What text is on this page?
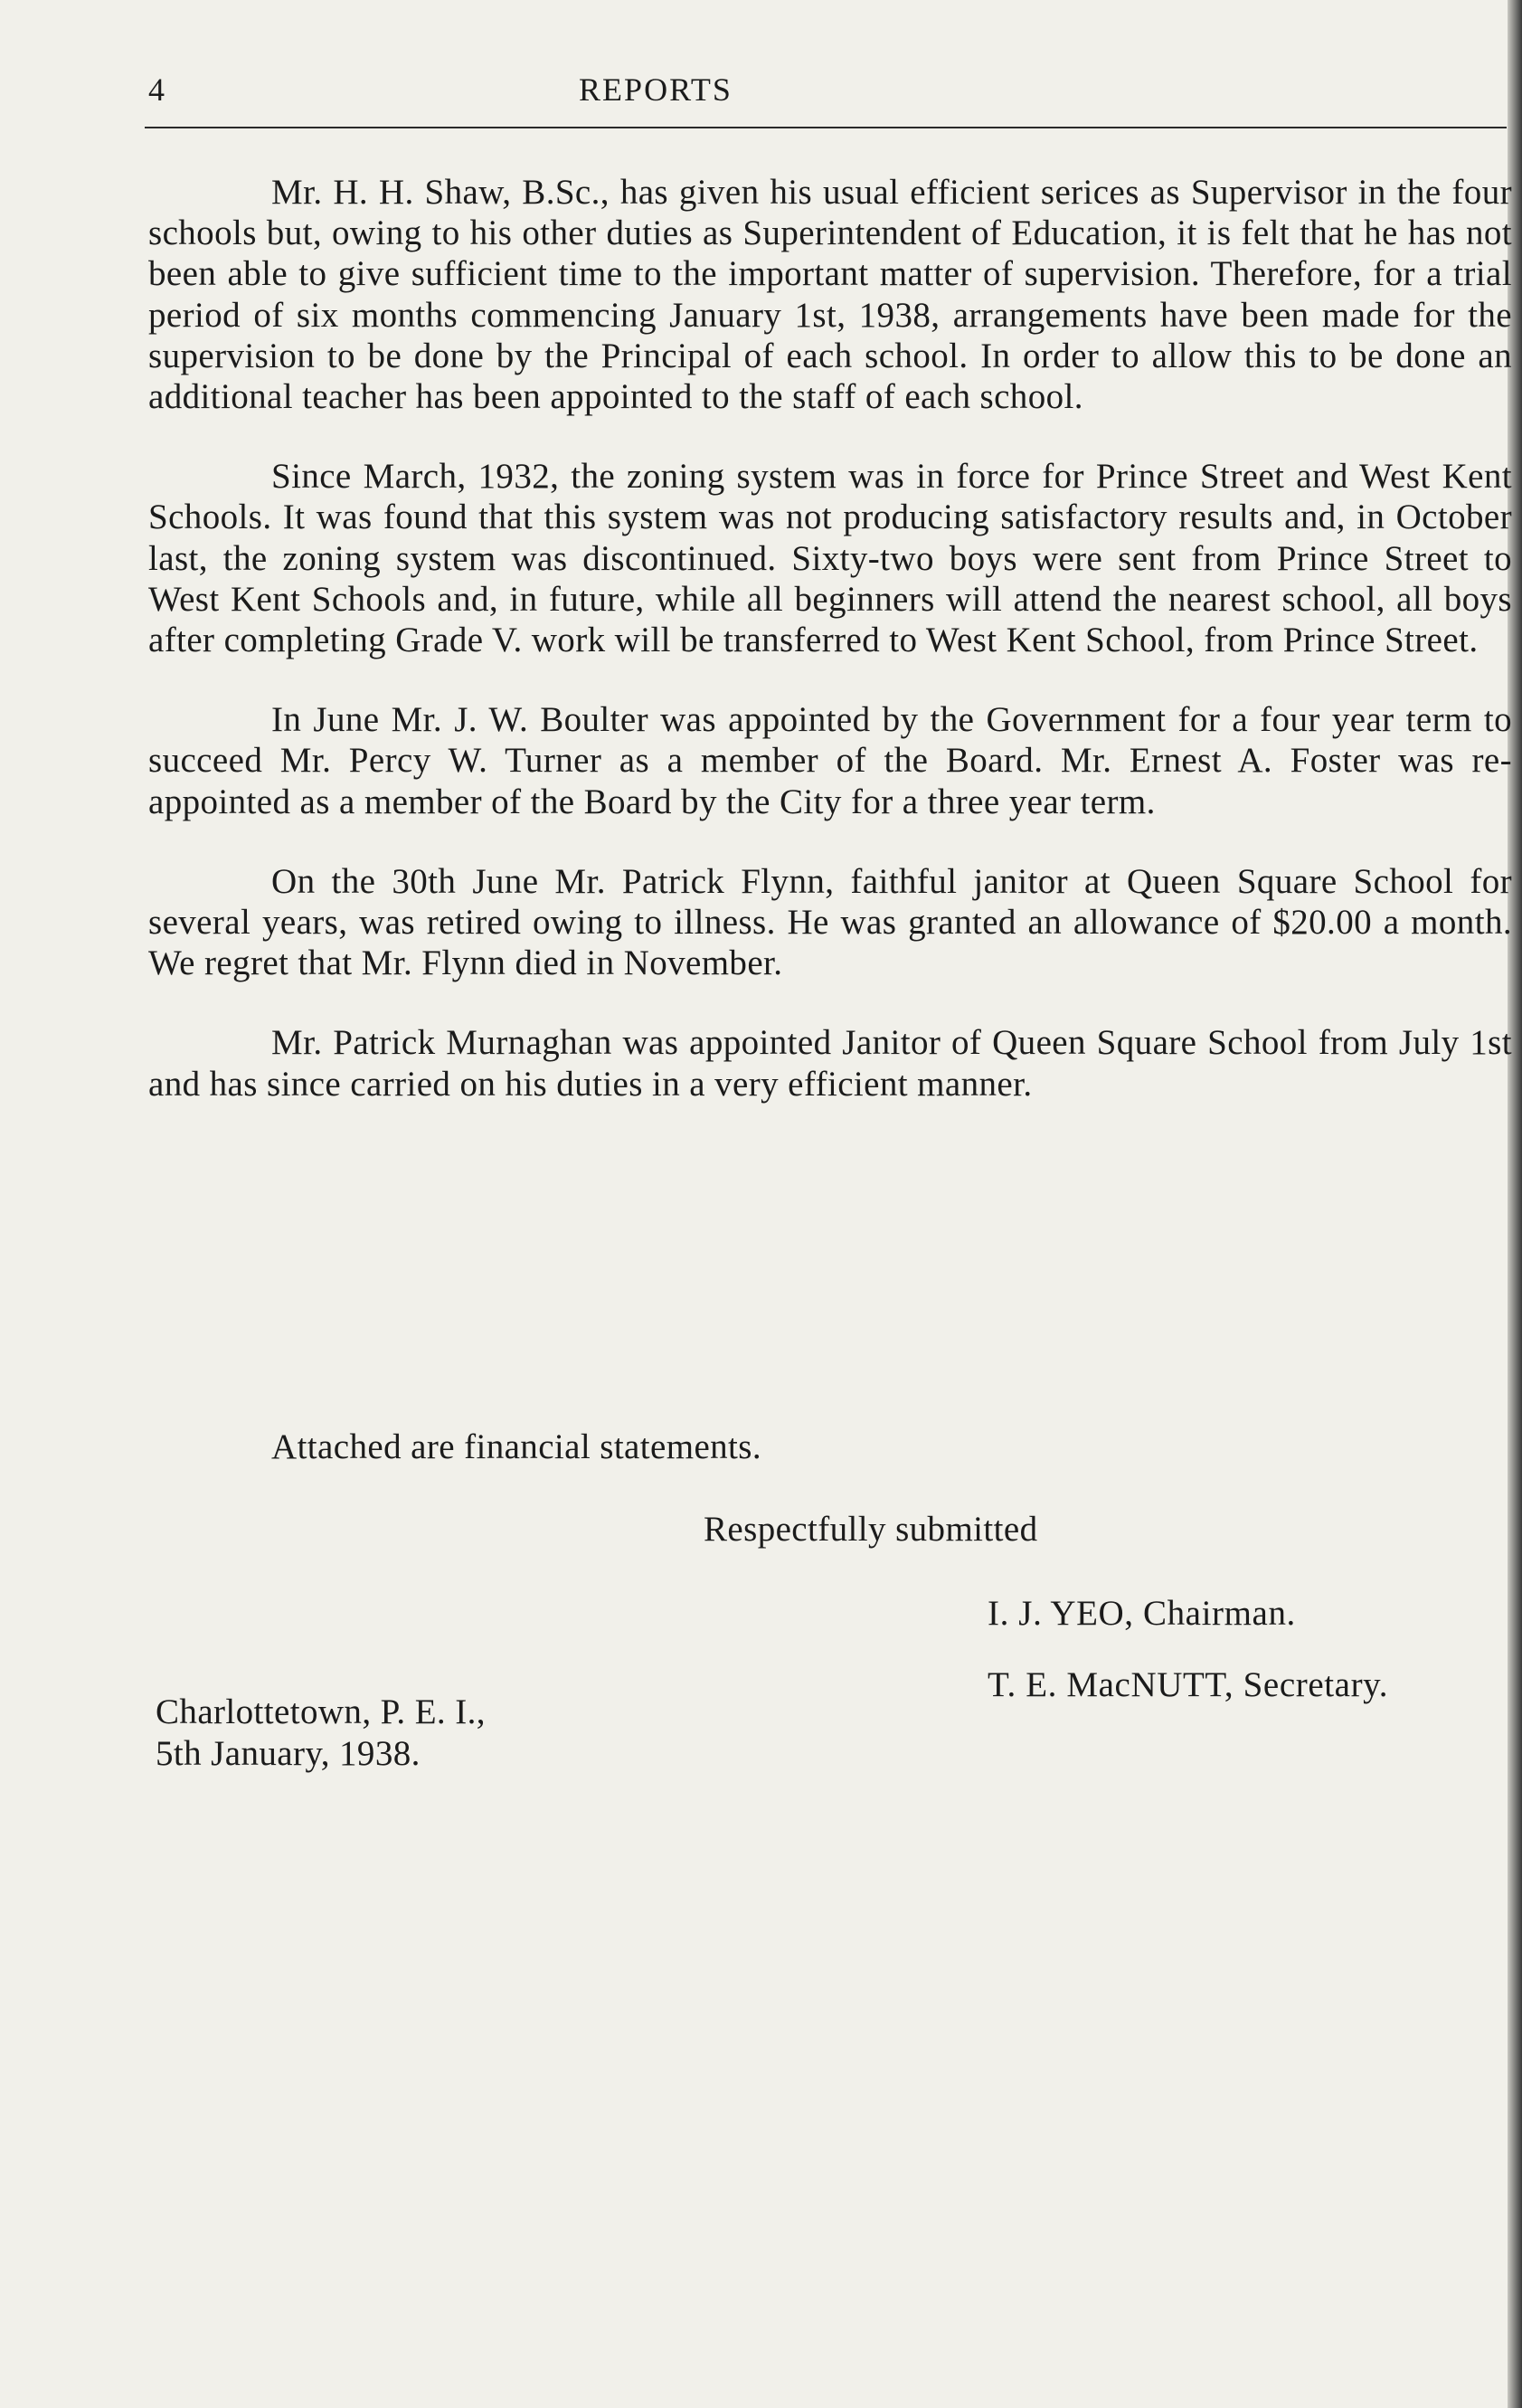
4	REPORTS

Mr. H. H. Shaw, B.Sc., has given his usual efficient serices as Supervisor in the four schools but, owing to his other duties as Superintendent of Education, it is felt that he has not been able to give sufficient time to the important matter of supervision. Therefore, for a trial period of six months commencing January 1st, 1938, arrangements have been made for the supervision to be done by the Principal of each school. In order to allow this to be done an additional teacher has been appointed to the staff of each school.

Since March, 1932, the zoning system was in force for Prince Street and West Kent Schools. It was found that this system was not producing satisfactory results and, in October last, the zoning system was discontinued. Sixty-two boys were sent from Prince Street to West Kent Schools and, in future, while all beginners will attend the nearest school, all boys after completing Grade V. work will be transferred to West Kent School, from Prince Street.

In June Mr. J. W. Boulter was appointed by the Government for a four year term to succeed Mr. Percy W. Turner as a member of the Board. Mr. Ernest A. Foster was re-appointed as a member of the Board by the City for a three year term.

On the 30th June Mr. Patrick Flynn, faithful janitor at Queen Square School for several years, was retired owing to illness. He was granted an allowance of $20.00 a month. We regret that Mr. Flynn died in November.

Mr. Patrick Murnaghan was appointed Janitor of Queen Square School from July 1st and has since carried on his duties in a very efficient manner.

Attached are financial statements.
Respectfully submitted
I. J. YEO, Chairman.
T. E. MacNUTT, Secretary.
Charlottetown, P. E. I.,
5th January, 1938.
